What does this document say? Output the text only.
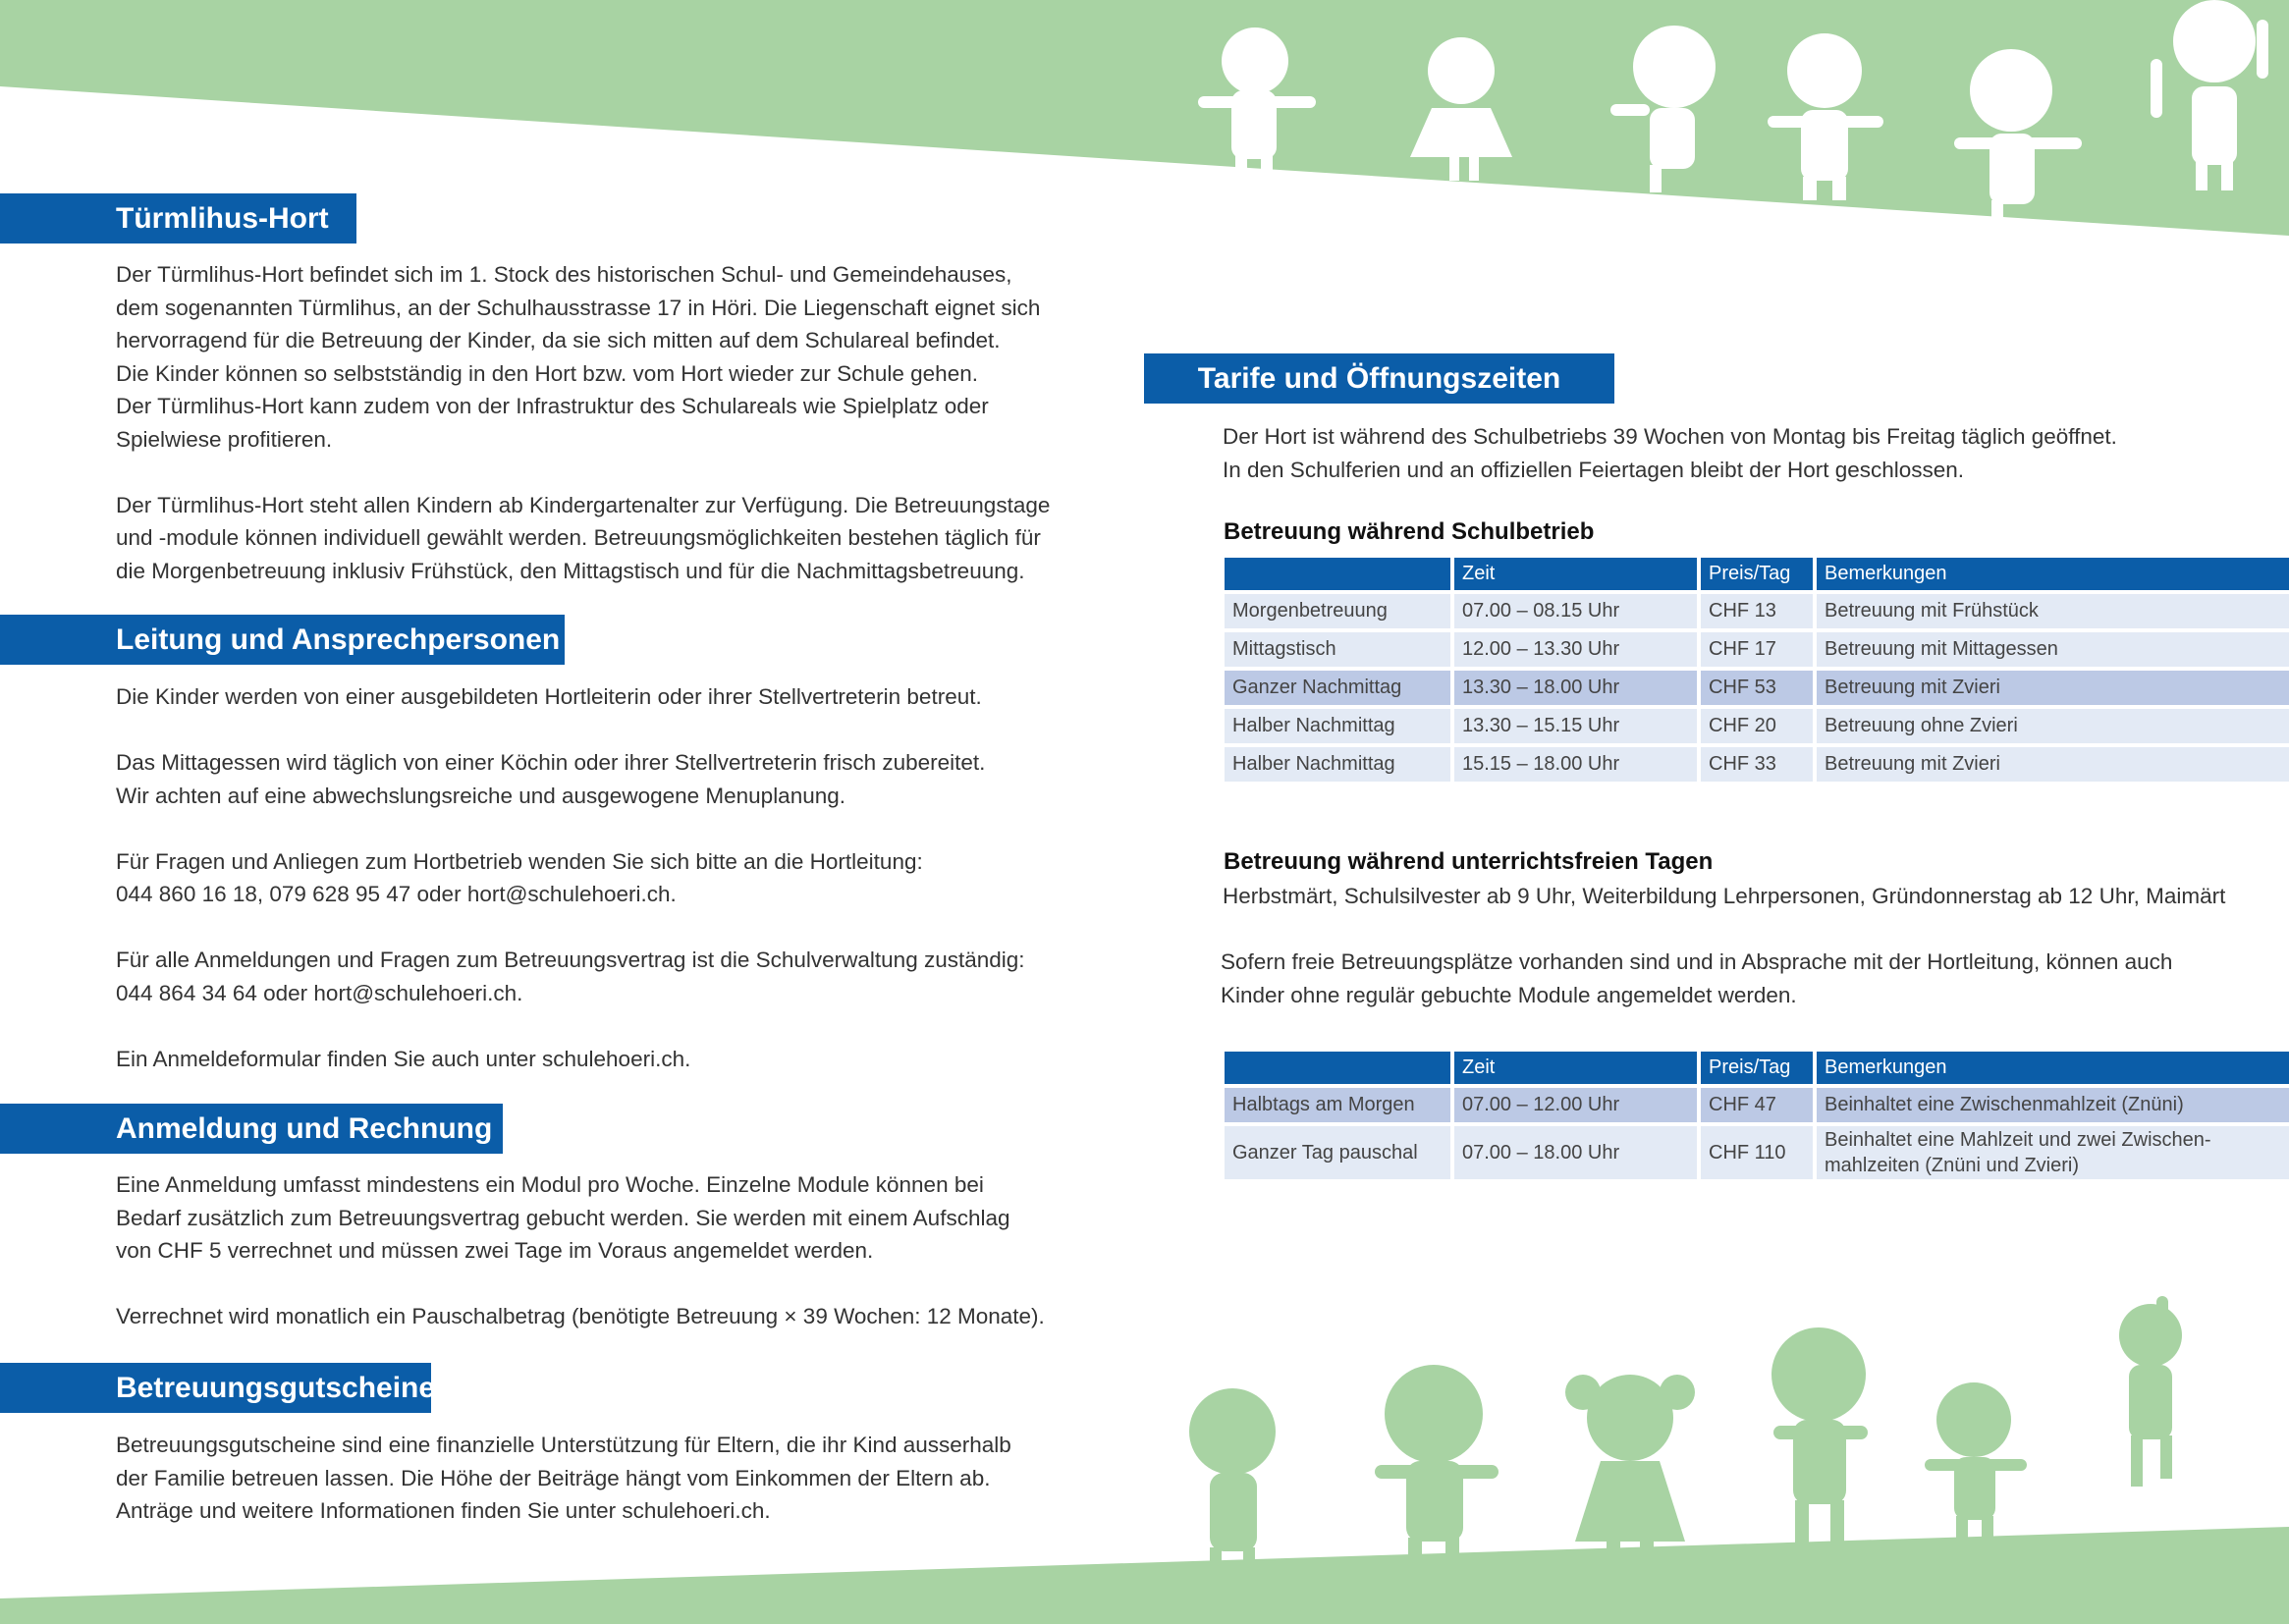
Türmlihus-Hort
Der Türmlihus-Hort befindet sich im 1. Stock des historischen Schul- und Gemeindehauses,
dem sogenannten Türmlihus, an der Schulhausstrasse 17 in Höri. Die Liegenschaft eignet sich
hervorragend für die Betreuung der Kinder, da sie sich mitten auf dem Schulareal befindet.
Die Kinder können so selbstständig in den Hort bzw. vom Hort wieder zur Schule gehen.
Der Türmlihus-Hort kann zudem von der Infrastruktur des Schulareals wie Spielplatz oder
Spielwiese profitieren.
Der Türmlihus-Hort steht allen Kindern ab Kindergartenalter zur Verfügung. Die Betreuungstage
und -module können individuell gewählt werden. Betreuungsmöglichkeiten bestehen täglich für
die Morgenbetreuung inklusiv Frühstück, den Mittagstisch und für die Nachmittagsbetreuung.
Leitung und Ansprechpersonen
Die Kinder werden von einer ausgebildeten Hortleiterin oder ihrer Stellvertreterin betreut.
Das Mittagessen wird täglich von einer Köchin oder ihrer Stellvertreterin frisch zubereitet.
Wir achten auf eine abwechslungsreiche und ausgewogene Menuplanung.
Für Fragen und Anliegen zum Hortbetrieb wenden Sie sich bitte an die Hortleitung:
044 860 16 18, 079 628 95 47 oder hort@schulehoeri.ch.
Für alle Anmeldungen und Fragen zum Betreuungsvertrag ist die Schulverwaltung zuständig:
044 864 34 64 oder hort@schulehoeri.ch.
Ein Anmeldeformular finden Sie auch unter schulehoeri.ch.
Anmeldung und Rechnung
Eine Anmeldung umfasst mindestens ein Modul pro Woche. Einzelne Module können bei
Bedarf zusätzlich zum Betreuungsvertrag gebucht werden. Sie werden mit einem Aufschlag
von CHF 5 verrechnet und müssen zwei Tage im Voraus angemeldet werden.
Verrechnet wird monatlich ein Pauschalbetrag (benötigte Betreuung × 39 Wochen: 12 Monate).
Betreuungsgutscheine
Betreuungsgutscheine sind eine finanzielle Unterstützung für Eltern, die ihr Kind ausserhalb
der Familie betreuen lassen. Die Höhe der Beiträge hängt vom Einkommen der Eltern ab.
Anträge und weitere Informationen finden Sie unter schulehoeri.ch.
Tarife und Öffnungszeiten
Der Hort ist während des Schulbetriebs 39 Wochen von Montag bis Freitag täglich geöffnet.
In den Schulferien und an offiziellen Feiertagen bleibt der Hort geschlossen.
Betreuung während Schulbetrieb
	Zeit	Preis/Tag	Bemerkungen
Morgenbetreuung	07.00 – 08.15 Uhr	CHF 13	Betreuung mit Frühstück
Mittagstisch	12.00 – 13.30 Uhr	CHF 17	Betreuung mit Mittagessen
Ganzer Nachmittag	13.30 – 18.00 Uhr	CHF 53	Betreuung mit Zvieri
Halber Nachmittag	13.30 – 15.15 Uhr	CHF 20	Betreuung ohne Zvieri
Halber Nachmittag	15.15 – 18.00 Uhr	CHF 33	Betreuung mit Zvieri
Betreuung während unterrichtsfreien Tagen
Herbstmärt, Schulsilvester ab 9 Uhr, Weiterbildung Lehrpersonen, Gründonnerstag ab 12 Uhr, Maimärt
Sofern freie Betreuungsplätze vorhanden sind und in Absprache mit der Hortleitung, können auch
Kinder ohne regulär gebuchte Module angemeldet werden.
	Zeit	Preis/Tag	Bemerkungen
Halbtags am Morgen	07.00 – 12.00 Uhr	CHF 47	Beinhaltet eine Zwischenmahlzeit (Znüni)
Ganzer Tag pauschal	07.00 – 18.00 Uhr	CHF 110	Beinhaltet eine Mahlzeit und zwei Zwischen-
mahlzeiten (Znüni und Zvieri)
